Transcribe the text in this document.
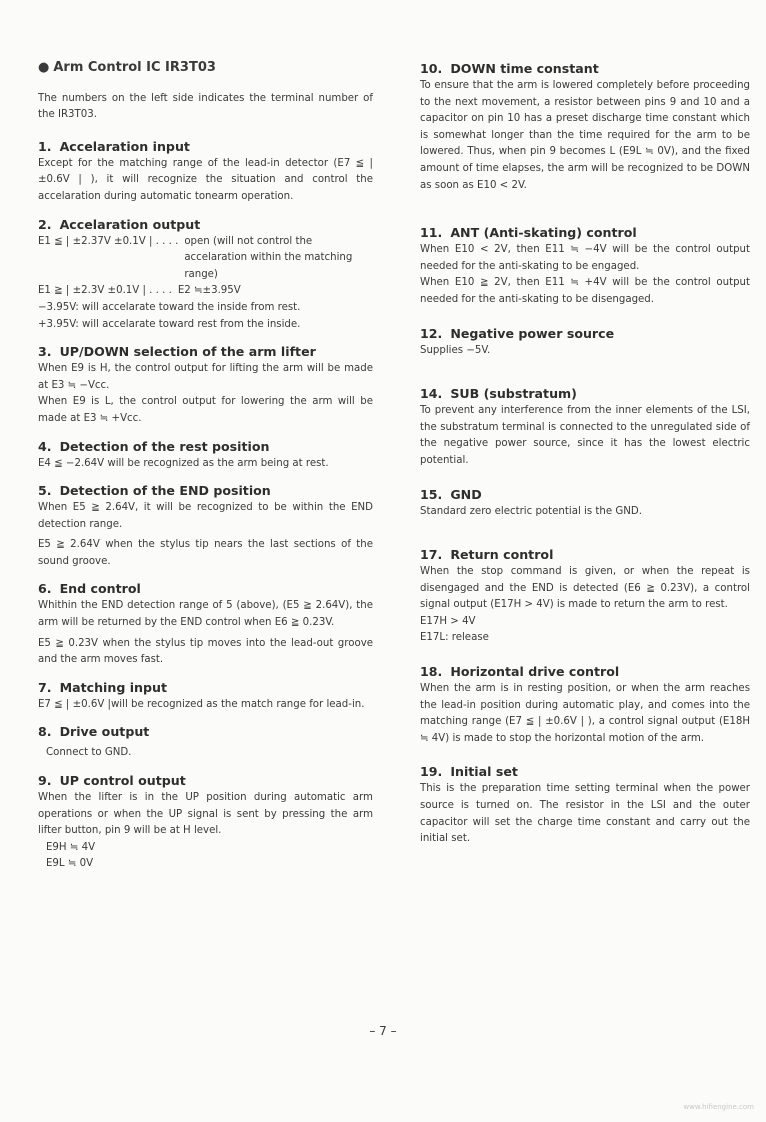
● Arm Control IC IR3T03

The numbers on the left side indicates the terminal number of the IR3T03.

1. Accelaration input

Except for the matching range of the lead-in detector (E7 ≦ | ±0.6V | ), it will recognize the situation and control the accelaration during automatic tonearm operation.

2. Accelaration output
E1 ≦ | ±2.37V ±0.1V | . . . . open (will not control the accelaration within the matching range)
E1 ≧ | ±2.3V ±0.1V | . . . . E2 ≒±3.95V

−3.95V: will accelarate toward the inside from rest.

+3.95V: will accelarate toward rest from the inside.

3. UP/DOWN selection of the arm lifter

When E9 is H, the control output for lifting the arm will be made at E3 ≒ −Vcc.

When E9 is L, the control output for lowering the arm will be made at E3 ≒ +Vcc.

4. Detection of the rest position

E4 ≦ −2.64V will be recognized as the arm being at rest.

5. Detection of the END position

When E5 ≧ 2.64V, it will be recognized to be within the END detection range.

E5 ≧ 2.64V when the stylus tip nears the last sections of the sound groove.

6. End control

Whithin the END detection range of 5 (above), (E5 ≧ 2.64V), the arm will be returned by the END control when E6 ≧ 0.23V.

E5 ≧ 0.23V when the stylus tip moves into the lead-out groove and the arm moves fast.

7. Matching input

E7 ≦ | ±0.6V |will be recognized as the match range for lead-in.

8. Drive output

Connect to GND.

9. UP control output

When the lifter is in the UP position during automatic arm operations or when the UP signal is sent by pressing the arm lifter button, pin 9 will be at H level.

E9H ≒ 4V

E9L ≒ 0V

10. DOWN time constant

To ensure that the arm is lowered completely before proceeding to the next movement, a resistor between pins 9 and 10 and a capacitor on pin 10 has a preset discharge time constant which is somewhat longer than the time required for the arm to be lowered. Thus, when pin 9 becomes L (E9L ≒ 0V), and the fixed amount of time elapses, the arm will be recognized to be DOWN as soon as E10 < 2V.

11. ANT (Anti-skating) control

When E10 < 2V, then E11 ≒ −4V will be the control output needed for the anti-skating to be engaged.

When E10 ≧ 2V, then E11 ≒ +4V will be the control output needed for the anti-skating to be disengaged.

12. Negative power source

Supplies −5V.

14. SUB (substratum)

To prevent any interference from the inner elements of the LSI, the substratum terminal is connected to the unregulated side of the negative power source, since it has the lowest electric potential.

15. GND

Standard zero electric potential is the GND.

17. Return control

When the stop command is given, or when the repeat is disengaged and the END is detected (E6 ≧ 0.23V), a control signal output (E17H > 4V) is made to return the arm to rest.

E17H > 4V

E17L: release

18. Horizontal drive control

When the arm is in resting position, or when the arm reaches the lead-in position during automatic play, and comes into the matching range (E7 ≦ | ±0.6V | ), a control signal output (E18H ≒ 4V) is made to stop the horizontal motion of the arm.

19. Initial set

This is the preparation time setting terminal when the power source is turned on. The resistor in the LSI and the outer capacitor will set the charge time constant and carry out the initial set.

– 7 –
www.hifiengine.com
